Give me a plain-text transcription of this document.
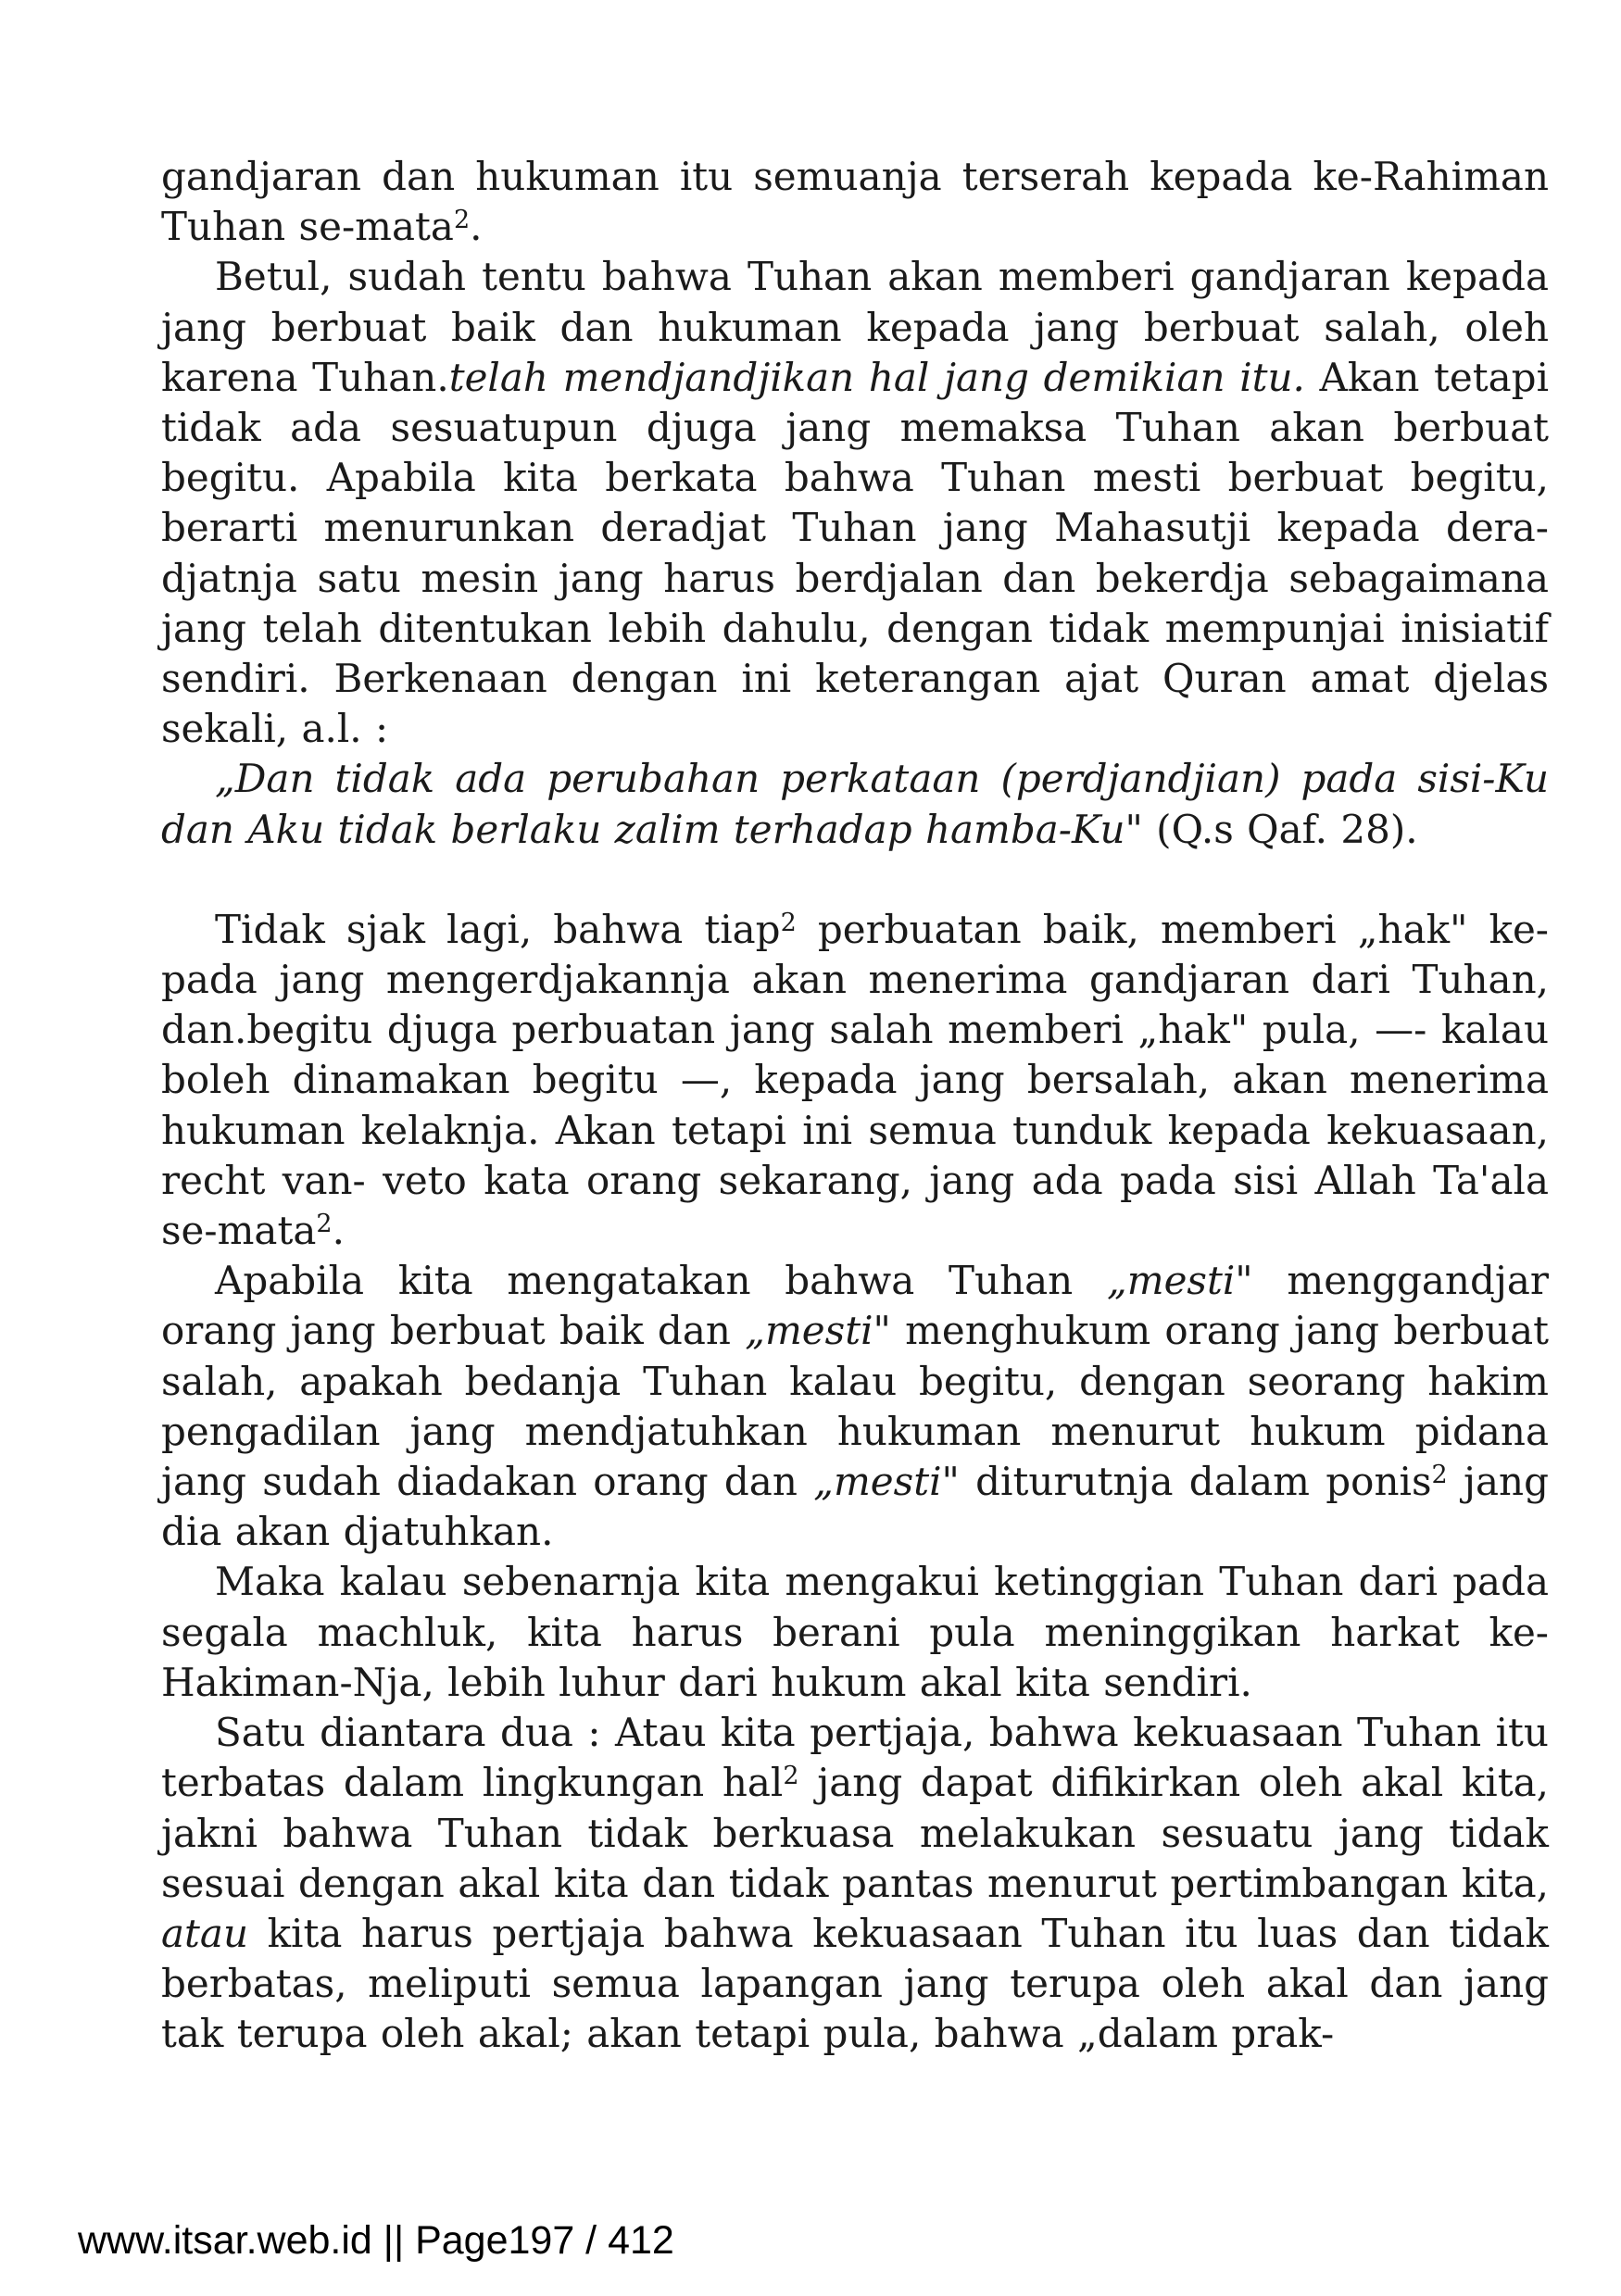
gandjaran dan hukuman itu semuanja terserah kepada ke-Rahiman Tuhan se-mata$^2$.

Betul, sudah tentu bahwa Tuhan akan memberi gandjaran kepada jang berbuat baik dan hukuman kepada jang berbuat salah, oleh karena Tuhan.telah mendjandjikan hal jang demikian itu. Akan tetapi tidak ada sesuatupun djuga jang memaksa Tuhan akan berbuat begitu. Apabila kita berkata bahwa Tuhan mesti berbuat begitu, berarti menurunkan deradjat Tuhan jang Mahasutji kepada deradjatnja satu mesin jang harus berdjalan dan bekerdja sebagaimana jang telah ditentukan lebih dahulu, dengan tidak mempunjai inisiatif sendiri. Berkenaan dengan ini keterangan ajat Quran amat djelas sekali, a.l. :

„Dan tidak ada perubahan perkataan (perdjandjian) pada sisi-Ku dan Aku tidak berlaku zalim terhadap hamba-Ku" (Q.s Qaf. 28).

Tidak sjak lagi, bahwa tiap$^2$ perbuatan baik, memberi „hak" kepada jang mengerdjakannja akan menerima gandjaran dari Tuhan, dan.begitu djuga perbuatan jang salah memberi „hak" pula, —- kalau boleh dinamakan begitu —, kepada jang bersalah, akan menerima hukuman kelaknja. Akan tetapi ini semua tunduk kepada kekuasaan, recht van- veto kata orang sekarang, jang ada pada sisi Allah Ta'ala se-mata$^2$.

Apabila kita mengatakan bahwa Tuhan „mesti" menggandjar orang jang berbuat baik dan „mesti" menghukum orang jang berbuat salah, apakah bedanja Tuhan kalau begitu, dengan seorang hakim pengadilan jang mendjatuhkan hukuman menurut hukum pidana jang sudah diadakan orang dan „mesti" diturutnja dalam ponis$^2$ jang dia akan djatuhkan.

Maka kalau sebenarnja kita mengakui ketinggian Tuhan dari pada segala machluk, kita harus berani pula meninggikan harkat ke-Hakiman-Nja, lebih luhur dari hukum akal kita sendiri.

Satu diantara dua : Atau kita pertjaja, bahwa kekuasaan Tuhan itu terbatas dalam lingkungan hal$^2$ jang dapat difikirkan oleh akal kita, jakni bahwa Tuhan tidak berkuasa melakukan sesuatu jang tidak sesuai dengan akal kita dan tidak pantas menurut pertimbangan kita, atau kita harus pertjaja bahwa kekuasaan Tuhan itu luas dan tidak berbatas, meliputi semua lapangan jang terupa oleh akal dan jang tak terupa oleh akal; akan tetapi pula, bahwa „dalam prak-

www.itsar.web.id || Page197 / 412
